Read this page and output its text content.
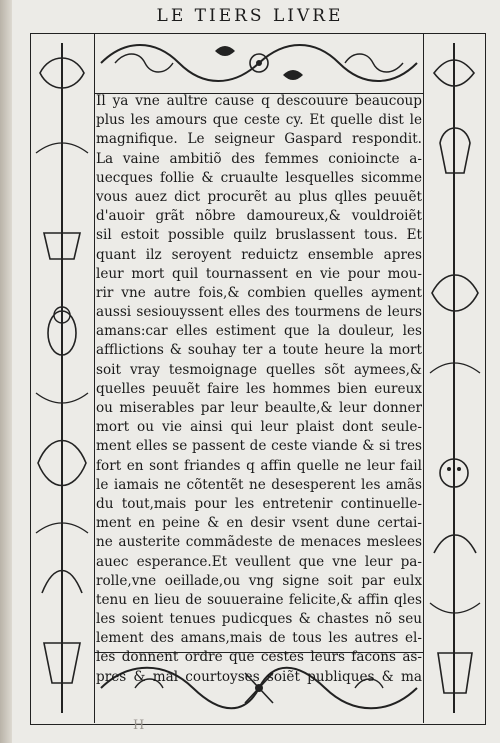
LE TIERS LIVRE
Il ya vne aultre cause q descouure beaucoup
plus les amours que ceste cy. Et quelle dist le
magnifique. Le seigneur Gaspard respondit.
La vaine ambitiõ des femmes conioincte a-
uecques follie & cruaulte lesquelles sicomme
vous auez dict procurẽt au plus qlles peuuẽt
d'auoir grãt nõbre damoureux,& vouldroiẽt
sil estoit possible quilz bruslassent tous. Et
quant ilz seroyent reduictz ensemble apres
leur mort quil tournassent en vie pour mou-
rir vne autre fois,& combien quelles ayment
aussi sesiouyssent elles des tourmens de leurs
amans:car elles estiment que la douleur, les
afflictions & souhay ter a toute heure la mort
soit vray tesmoignage quelles sõt aymees,&
quelles peuuẽt faire les hommes bien eureux
ou miserables par leur beaulte,& leur donner
mort ou vie ainsi qui leur plaist dont seule-
ment elles se passent de ceste viande & si tres
fort en sont friandes q affin quelle ne leur fail
le iamais ne cõtentẽt ne desesperent les amãs
du tout,mais pour les entretenir continuelle-
ment en peine & en desir vsent dune certai-
ne austerite commãdeste de menaces meslees
auec esperance.Et veullent que vne leur pa-
rolle,vne oeillade,ou vng signe soit par eulx
tenu en lieu de souueraine felicite,& affin qles
les soient tenues pudicques & chastes nõ seu
lement des amans,mais de tous les autres el-
les donnent ordre que cestes leurs facons as-
pres & mal courtoyses soiẽt publiques & ma
H
